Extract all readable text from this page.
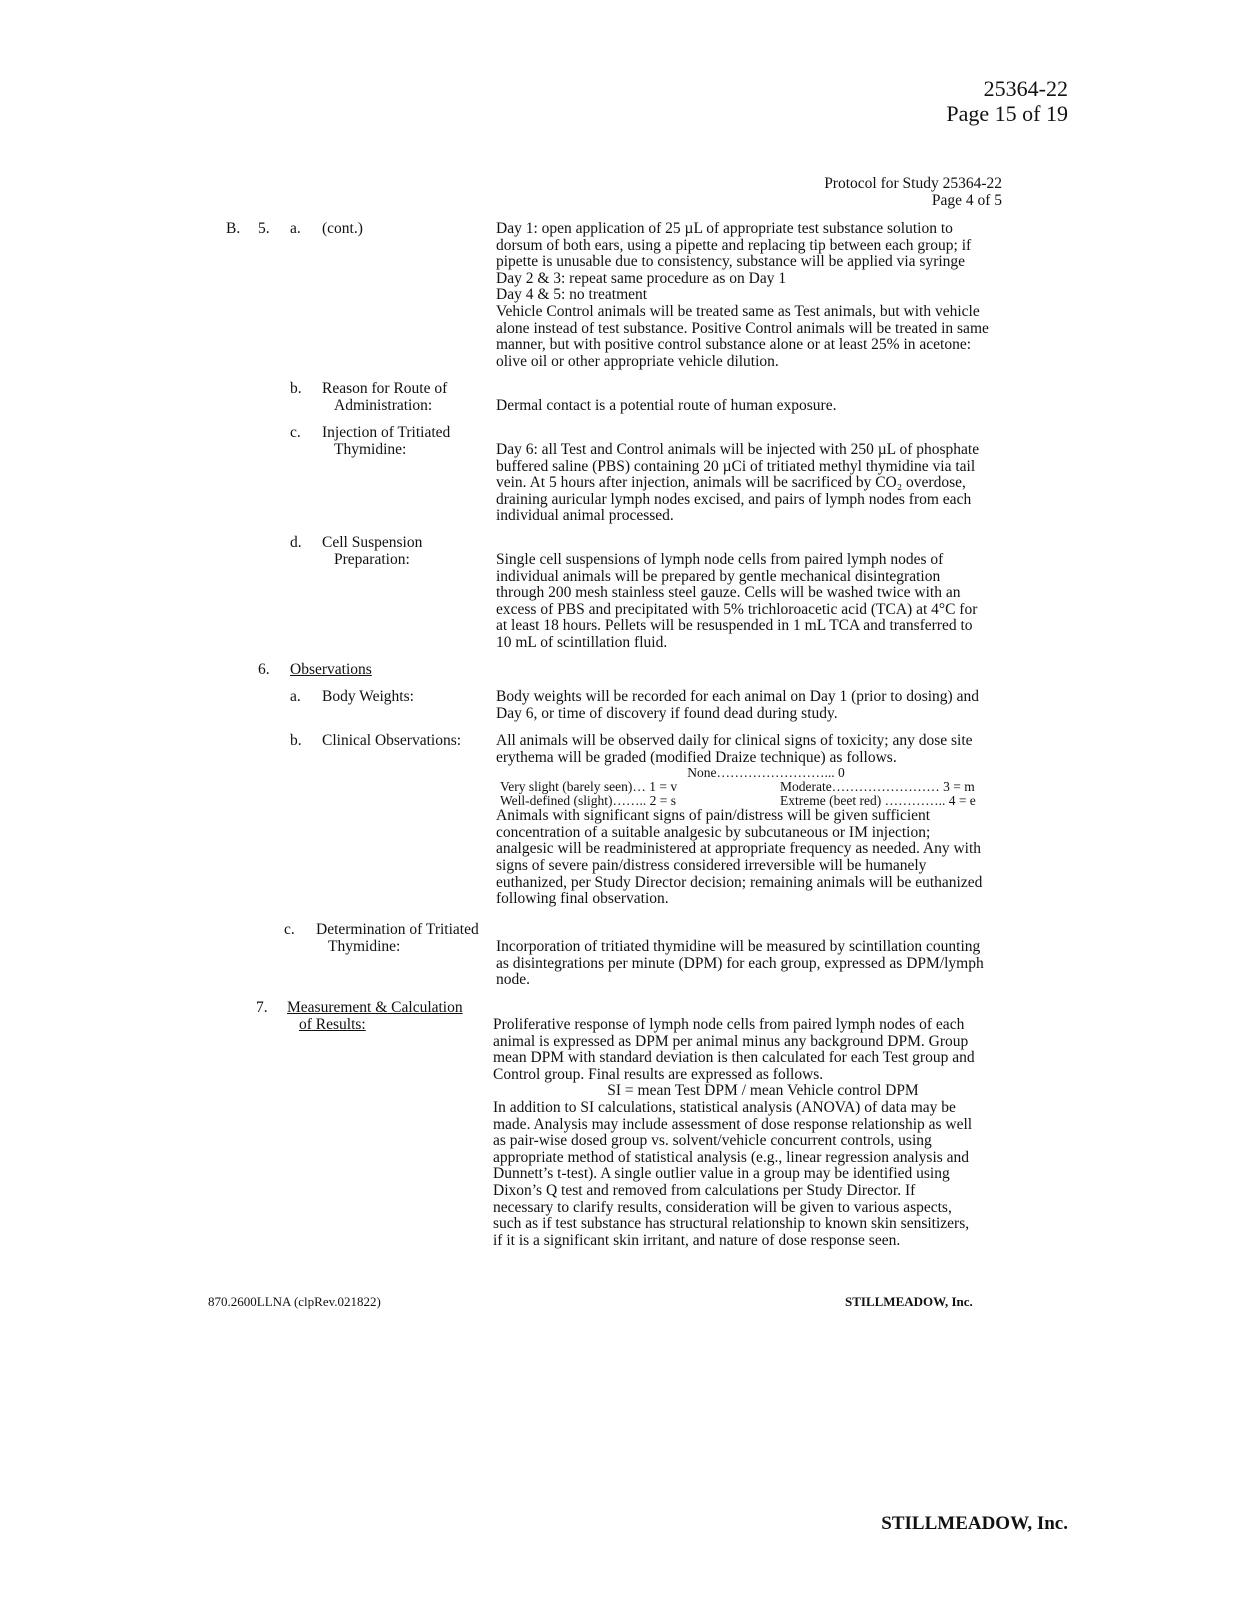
25364-22
Page 15 of 19
Protocol for Study 25364-22
Page 4 of 5
B. 5. a. (cont.)	Day 1: open application of 25 µL of appropriate test substance solution to

dorsum of both ears, using a pipette and replacing tip between each group; if

pipette is unusable due to consistency, substance will be applied via syringe

Day 2 & 3: repeat same procedure as on Day 1

Day 4 & 5: no treatment

Vehicle Control animals will be treated same as Test animals, but with vehicle

alone instead of test substance. Positive Control animals will be treated in same

manner, but with positive control substance alone or at least 25% in acetone:

olive oil or other appropriate vehicle dilution.

b. Reason for Route of
Administration:	Dermal contact is a potential route of human exposure.

c. Injection of Tritiated
Thymidine:	Day 6: all Test and Control animals will be injected with 250 µL of phosphate

buffered saline (PBS) containing 20 µCi of tritiated methyl thymidine via tail

vein. At 5 hours after injection, animals will be sacrificed by CO₂ overdose,

draining auricular lymph nodes excised, and pairs of lymph nodes from each

individual animal processed.

d. Cell Suspension
Preparation:	Single cell suspensions of lymph node cells from paired lymph nodes of

individual animals will be prepared by gentle mechanical disintegration

through 200 mesh stainless steel gauze. Cells will be washed twice with an

excess of PBS and precipitated with 5% trichloroacetic acid (TCA) at 4°C for

at least 18 hours. Pellets will be resuspended in 1 mL TCA and transferred to

10 mL of scintillation fluid.

6. Observations
a. Body Weights:	Body weights will be recorded for each animal on Day 1 (prior to dosing) and

Day 6, or time of discovery if found dead during study.

b. Clinical Observations: All animals will be observed daily for clinical signs of toxicity; any dose site

erythema will be graded (modified Draize technique) as follows.

None……………………... 0

Very slight (barely seen)… 1 = v	Moderate…………………… 3 = m
Well-defined (slight)…….. 2 = s	Extreme (beet red) ………….. 4 = e

Animals with significant signs of pain/distress will be given sufficient

concentration of a suitable analgesic by subcutaneous or IM injection;

analgesic will be readministered at appropriate frequency as needed. Any with

signs of severe pain/distress considered irreversible will be humanely

euthanized, per Study Director decision; remaining animals will be euthanized

following final observation.

c. Determination of Tritiated
Thymidine:	Incorporation of tritiated thymidine will be measured by scintillation counting

as disintegrations per minute (DPM) for each group, expressed as DPM/lymph

node.

7. Measurement & Calculation
of Results:	Proliferative response of lymph node cells from paired lymph nodes of each

animal is expressed as DPM per animal minus any background DPM. Group

mean DPM with standard deviation is then calculated for each Test group and

Control group. Final results are expressed as follows.

SI = mean Test DPM / mean Vehicle control DPM

In addition to SI calculations, statistical analysis (ANOVA) of data may be

made. Analysis may include assessment of dose response relationship as well

as pair-wise dosed group vs. solvent/vehicle concurrent controls, using

appropriate method of statistical analysis (e.g., linear regression analysis and

Dunnett’s t-test). A single outlier value in a group may be identified using

Dixon’s Q test and removed from calculations per Study Director. If

necessary to clarify results, consideration will be given to various aspects,

such as if test substance has structural relationship to known skin sensitizers,

if it is a significant skin irritant, and nature of dose response seen.

870.2600LLNA (clpRev.021822)	STILLMEADOW, Inc.
STILLMEADOW, Inc.
